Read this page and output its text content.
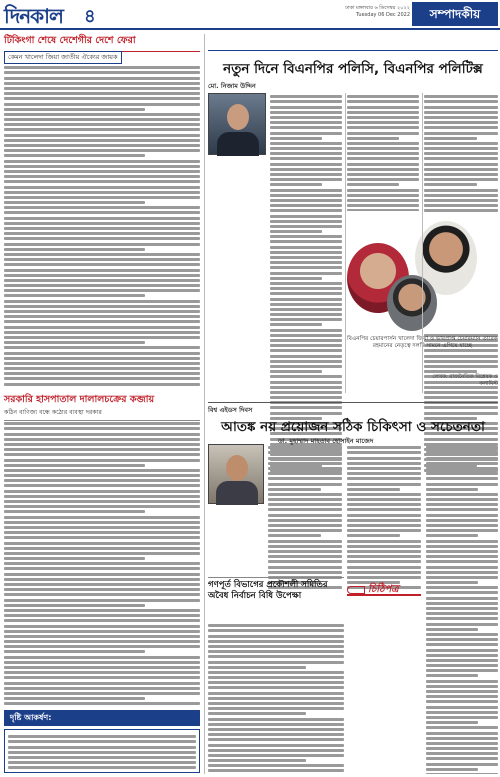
দিনকাল ৪	ঢাকা মঙ্গলবার ৬ ডিসেম্বর ২০২২
Tuesday 06 Dec 2022	সম্পাদকীয়
টিকিংগা শেষে দেশেগীর দেশে ফেরা
কেমন খালেদা জিয়া জাতীয় ঐক্যের জায়ক
সরকারি হাসপাতাল দালালচক্রের কব্জায়
কঠিন বাণিজ্য বন্ধে কঠোর ব্যবস্থা দরকার
দৃষ্টি আকর্ষণ:
নতুন দিনে বিএনপির পলিসি, বিএনপির পলিটিক্স
মো. নিজাম উদ্দিন
বিএনপির চেয়ারপার্সন খালেদা জিয়া ও ভারপ্রাপ্ত চেয়ারম্যান তারেক রহমানের নেতৃত্বে দলটি সামনে এগিয়ে যাচ্ছে
লেখক: রাজনৈতিক বিশ্লেষক ও কলামিস্ট
বিশ্ব এইডস দিবস
আতঙ্ক নয় প্রয়োজন সঠিক চিকিৎসা ও সচেতনতা
ডা. মুহাম্মাদ মাহতাব হোসাইন মাজেদ
গণপূর্ত বিভাগের প্রকৌশলী সমিতির অবৈধ নির্বাচন বিধি উপেক্ষা
চিঠিপত্র
